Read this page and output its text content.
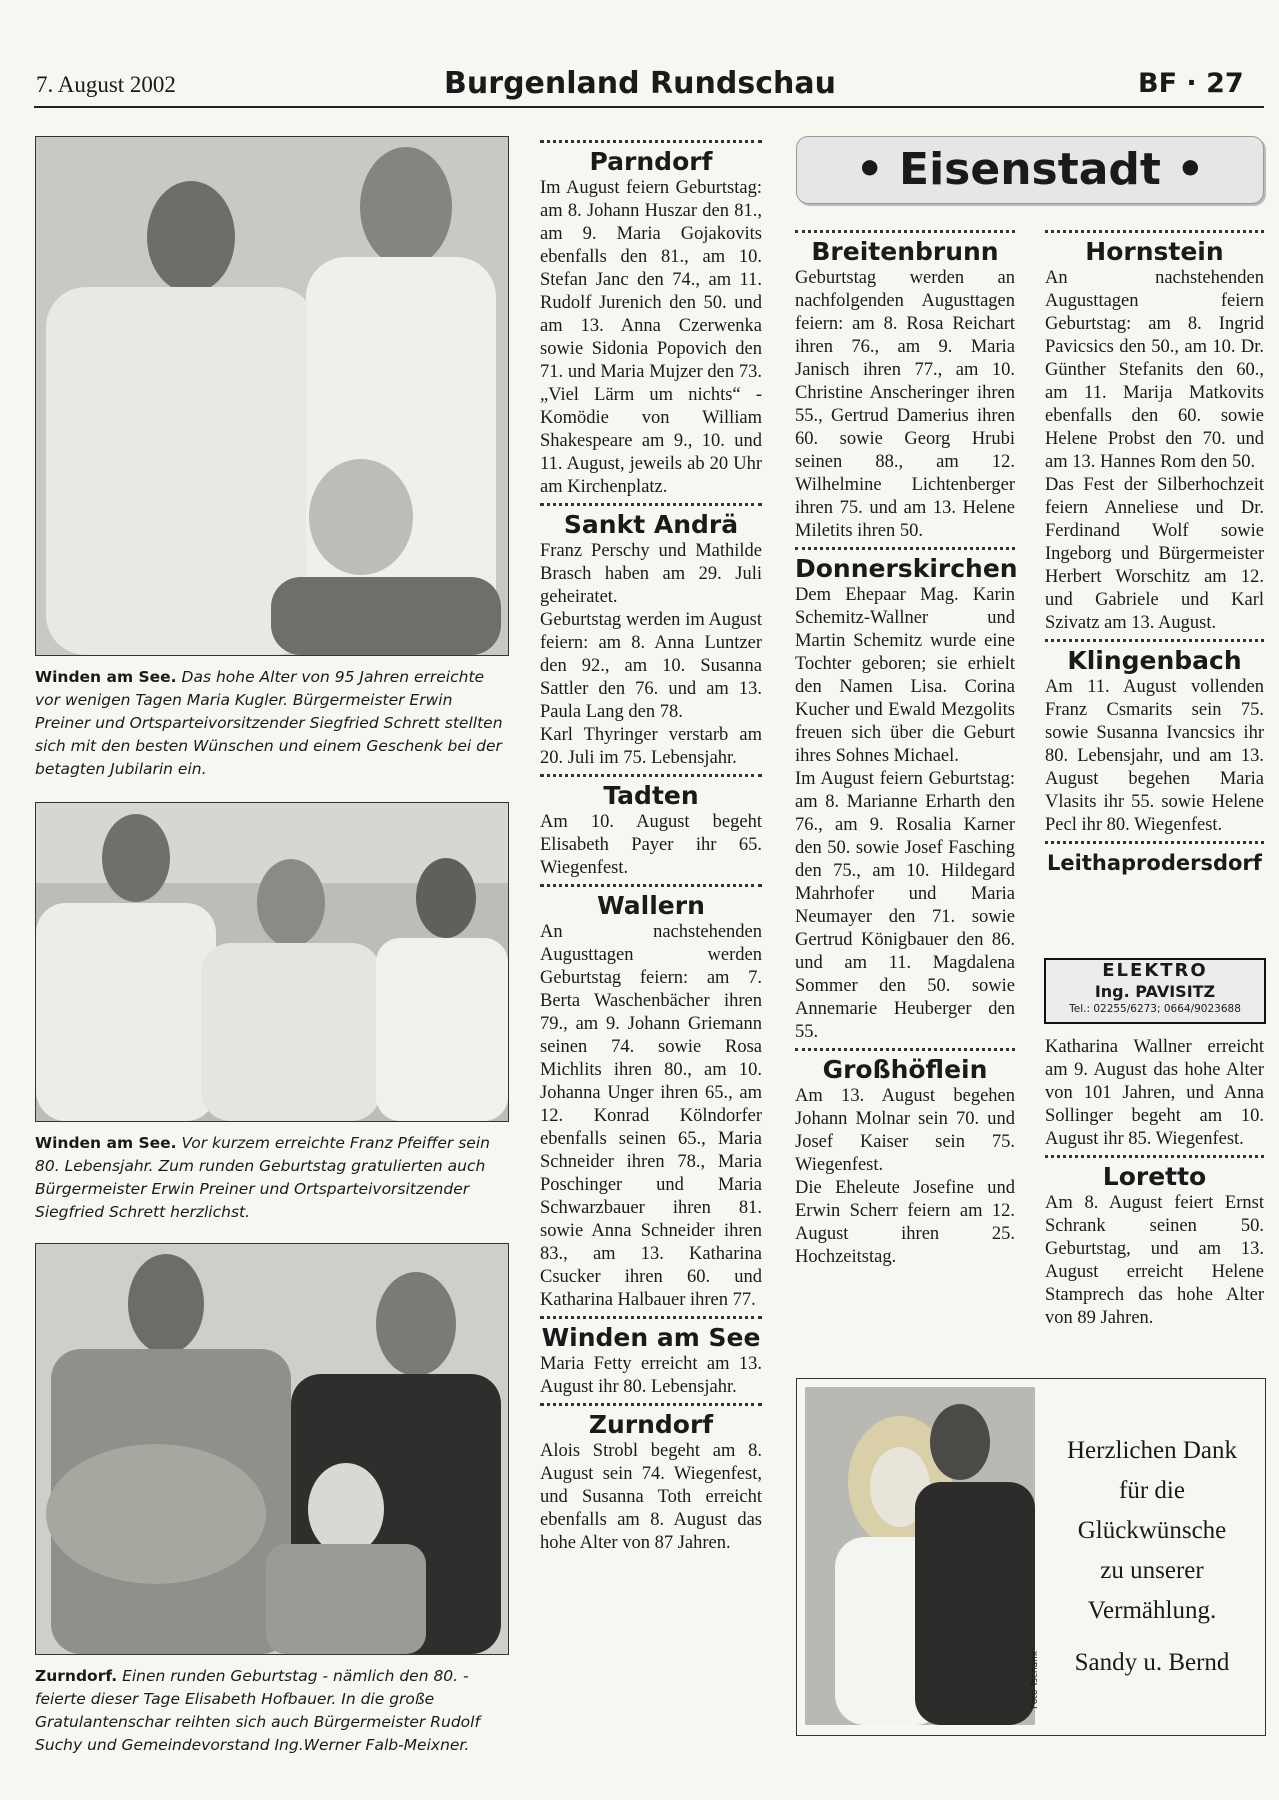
7. August 2002	Burgenland Rundschau	BF · 27
Winden am See. Das hohe Alter von 95 Jahren erreichte vor wenigen Tagen Maria Kugler. Bürgermeister Erwin Preiner und Ortsparteivorsitzender Siegfried Schrett stellten sich mit den besten Wünschen und einem Geschenk bei der betagten Jubilarin ein.
Winden am See. Vor kurzem erreichte Franz Pfeiffer sein 80. Lebensjahr. Zum runden Geburtstag gratulierten auch Bürgermeister Erwin Preiner und Ortsparteivorsitzender Siegfried Schrett herzlichst.
Zurndorf. Einen runden Geburtstag - nämlich den 80. - feierte dieser Tage Elisabeth Hofbauer. In die große Gratulantenschar reihten sich auch Bürgermeister Rudolf Suchy und Gemeindevorstand Ing.Werner Falb-Meixner.
Parndorf

Im August feiern Geburtstag: am 8. Johann Huszar den 81., am 9. Maria Gojakovits ebenfalls den 81., am 10. Stefan Janc den 74., am 11. Rudolf Jurenich den 50. und am 13. Anna Czerwenka sowie Sidonia Popovich den 71. und Maria Mujzer den 73. „Viel Lärm um nichts“ - Komödie von William Shakespeare am 9., 10. und 11. August, jeweils ab 20 Uhr am Kirchenplatz.

Sankt Andrä

Franz Perschy und Mathilde Brasch haben am 29. Juli geheiratet.

Geburtstag werden im August feiern: am 8. Anna Luntzer den 92., am 10. Susanna Sattler den 76. und am 13. Paula Lang den 78.

Karl Thyringer verstarb am 20. Juli im 75. Lebensjahr.

Tadten

Am 10. August begeht Elisabeth Payer ihr 65. Wiegenfest.

Wallern

An nachstehenden Augusttagen werden Geburtstag feiern: am 7. Berta Waschenbächer ihren 79., am 9. Johann Griemann seinen 74. sowie Rosa Michlits ihren 80., am 10. Johanna Unger ihren 65., am 12. Konrad Kölndorfer ebenfalls seinen 65., Maria Schneider ihren 78., Maria Poschinger und Maria Schwarzbauer ihren 81. sowie Anna Schneider ihren 83., am 13. Katharina Csucker ihren 60. und Katharina Halbauer ihren 77.

Winden am See

Maria Fetty erreicht am 13. August ihr 80. Lebensjahr.

Zurndorf

Alois Strobl begeht am 8. August sein 74. Wiegenfest, und Susanna Toth erreicht ebenfalls am 8. August das hohe Alter von 87 Jahren.

• Eisenstadt •
Breitenbrunn

Geburtstag werden an nachfolgenden Augusttagen feiern: am 8. Rosa Reichart ihren 76., am 9. Maria Janisch ihren 77., am 10. Christine Anscheringer ihren 55., Gertrud Damerius ihren 60. sowie Georg Hrubi seinen 88., am 12. Wilhelmine Lichtenberger ihren 75. und am 13. Helene Miletits ihren 50.

Donnerskirchen

Dem Ehepaar Mag. Karin Schemitz-Wallner und Martin Schemitz wurde eine Tochter geboren; sie erhielt den Namen Lisa. Corina Kucher und Ewald Mezgolits freuen sich über die Geburt ihres Sohnes Michael.

Im August feiern Geburtstag: am 8. Marianne Erharth den 76., am 9. Rosalia Karner den 50. sowie Josef Fasching den 75., am 10. Hildegard Mahrhofer und Maria Neumayer den 71. sowie Gertrud Königbauer den 86. und am 11. Magdalena Sommer den 50. sowie Annemarie Heuberger den 55.

Großhöflein

Am 13. August begehen Johann Molnar sein 70. und Josef Kaiser sein 75. Wiegenfest.

Die Eheleute Josefine und Erwin Scherr feiern am 12. August ihren 25. Hochzeitstag.

Hornstein

An nachstehenden Augusttagen feiern Geburtstag: am 8. Ingrid Pavicsics den 50., am 10. Dr. Günther Stefanits den 60., am 11. Marija Matkovits ebenfalls den 60. sowie Helene Probst den 70. und am 13. Hannes Rom den 50.

Das Fest der Silberhochzeit feiern Anneliese und Dr. Ferdinand Wolf sowie Ingeborg und Bürgermeister Herbert Worschitz am 12. und Gabriele und Karl Szivatz am 13. August.

Klingenbach

Am 11. August vollenden Franz Csmarits sein 75. sowie Susanna Ivancsics ihr 80. Lebensjahr, und am 13. August begehen Maria Vlasits ihr 55. sowie Helene Pecl ihr 80. Wiegenfest.

Leithaprodersdorf
ELEKTRO
Ing. PAVISITZ
Tel.: 02255/6273; 0664/9023688

Katharina Wallner erreicht am 9. August das hohe Alter von 101 Jahren, und Anna Sollinger begeht am 10. August ihr 85. Wiegenfest.

Loretto

Am 8. August feiert Ernst Schrank seinen 50. Geburtstag, und am 13. August erreicht Helene Stamprech das hohe Alter von 89 Jahren.

Foto Tschank
Herzlichen Dank
für die
Glückwünsche
zu unserer
Vermählung.
Sandy u. Bernd
